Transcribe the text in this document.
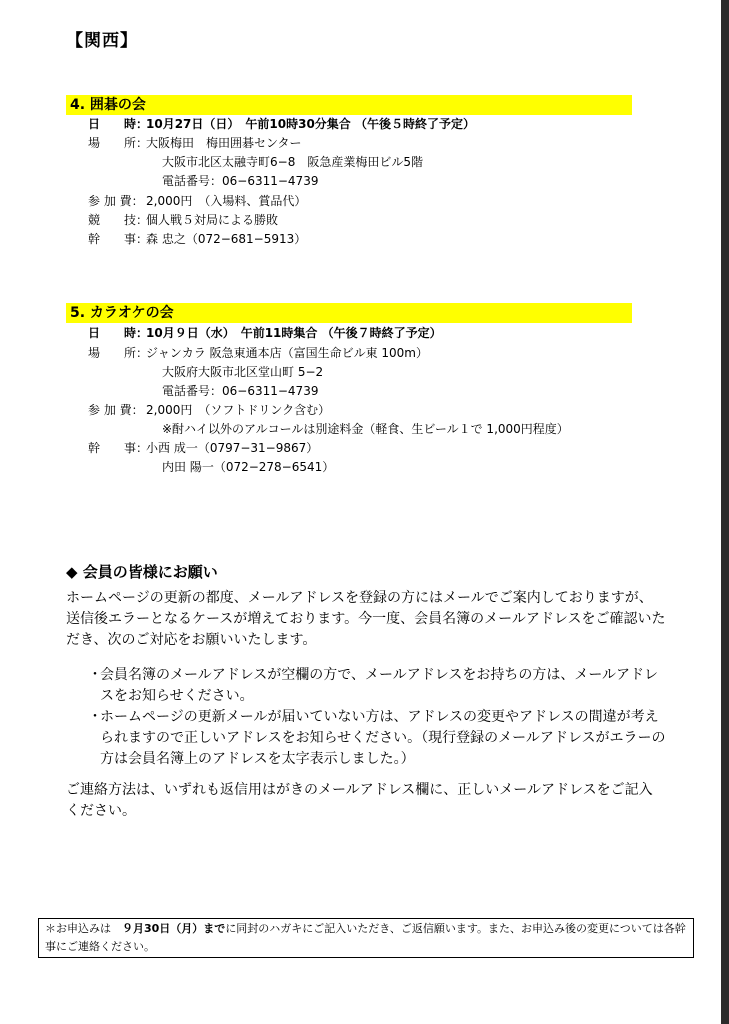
【関西】
4. 囲碁の会
日　　時：10月27日（日）　午前10時30分集合 （午後５時終了予定）
場　　所：大阪梅田　梅田囲碁センター
大阪市北区太融寺町6−8　阪急産業梅田ビル5階
電話番号：06−6311−4739
参 加 費： 2,000円　（入場料、賞品代）
競　　技：個人戦５対局による勝敗
幹　　事：森 忠之（072−681−5913）
5. カラオケの会
日　　時：10月９日（水）　午前11時集合 （午後７時終了予定）
場　　所：ジャンカラ 阪急東通本店（富国生命ビル東 100m）
大阪府大阪市北区堂山町 5−2
電話番号：06−6311−4739
参 加 費： 2,000円　（ソフトドリンク含む）
※酎ハイ以外のアルコールは別途料金（軽食、生ビール１で 1,000円程度）
幹　　事：小西 成一（0797−31−9867）
内田 陽一（072−278−6541）
◆ 会員の皆様にお願い
ホームページの更新の都度、メールアドレスを登録の方にはメールでご案内しておりますが、送信後エラーとなるケースが増えております。今一度、会員名簿のメールアドレスをご確認いただき、次のご対応をお願いいたします。
・
会員名簿のメールアドレスが空欄の方で、メールアドレスをお持ちの方は、メールアドレスをお知らせください。
・
ホームページの更新メールが届いていない方は、アドレスの変更やアドレスの間違が考えられますので正しいアドレスをお知らせください。（現行登録のメールアドレスがエラーの方は会員名簿上のアドレスを太字表示しました。）
ご連絡方法は、いずれも返信用はがきのメールアドレス欄に、正しいメールアドレスをご記入ください。
＊お申込みは　９月30日（月）までに同封のハガキにご記入いただき、ご返信願います。また、お申込み後の変更については各幹事にご連絡ください。
